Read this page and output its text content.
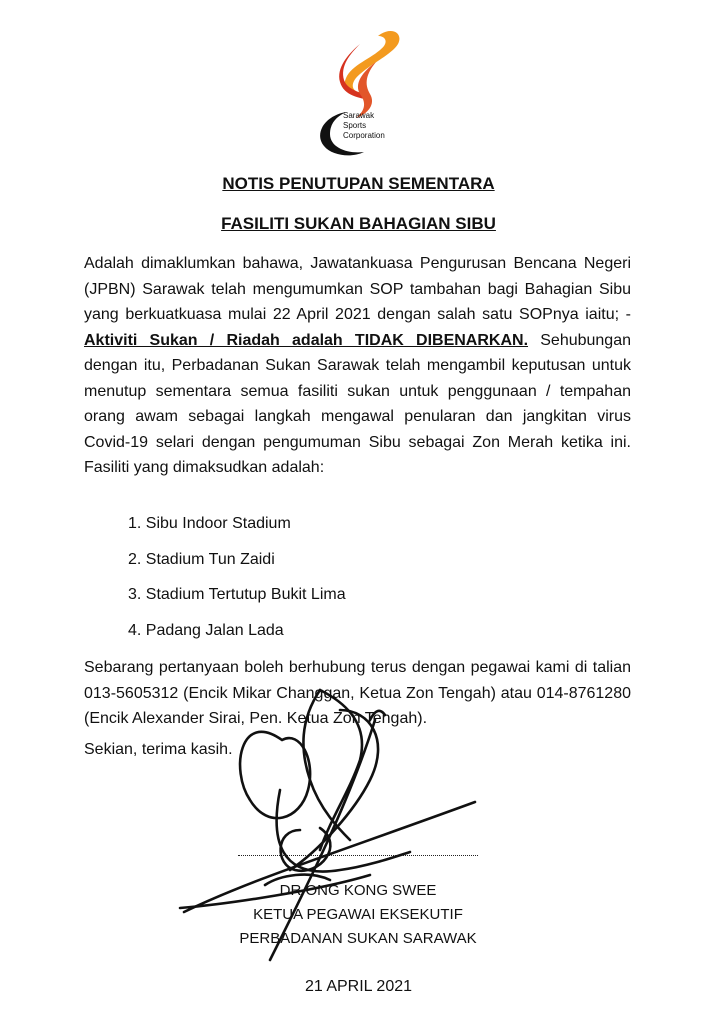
Sarawak
Sports
Corporation
NOTIS PENUTUPAN SEMENTARA
FASILITI SUKAN BAHAGIAN SIBU

Adalah dimaklumkan bahawa, Jawatankuasa Pengurusan Bencana Negeri (JPBN) Sarawak telah mengumumkan SOP tambahan bagi Bahagian Sibu yang berkuatkuasa mulai 22 April 2021 dengan salah satu SOPnya iaitu; - Aktiviti Sukan / Riadah adalah TIDAK DIBENARKAN. Sehubungan dengan itu, Perbadanan Sukan Sarawak telah mengambil keputusan untuk menutup sementara semua fasiliti sukan untuk penggunaan / tempahan orang awam sebagai langkah mengawal penularan dan jangkitan virus Covid-19 selari dengan pengumuman Sibu sebagai Zon Merah ketika ini. Fasiliti yang dimaksudkan adalah:

1. Sibu Indoor Stadium
2. Stadium Tun Zaidi
3. Stadium Tertutup Bukit Lima
4. Padang Jalan Lada

Sebarang pertanyaan boleh berhubung terus dengan pegawai kami di talian 013-5605312 (Encik Mikar Changgan, Ketua Zon Tengah) atau 014-8761280 (Encik Alexander Sirai, Pen. Ketua Zon Tengah).

Sekian, terima kasih.
DR ONG KONG SWEE
KETUA PEGAWAI EKSEKUTIF
PERBADANAN SUKAN SARAWAK
21 APRIL 2021
